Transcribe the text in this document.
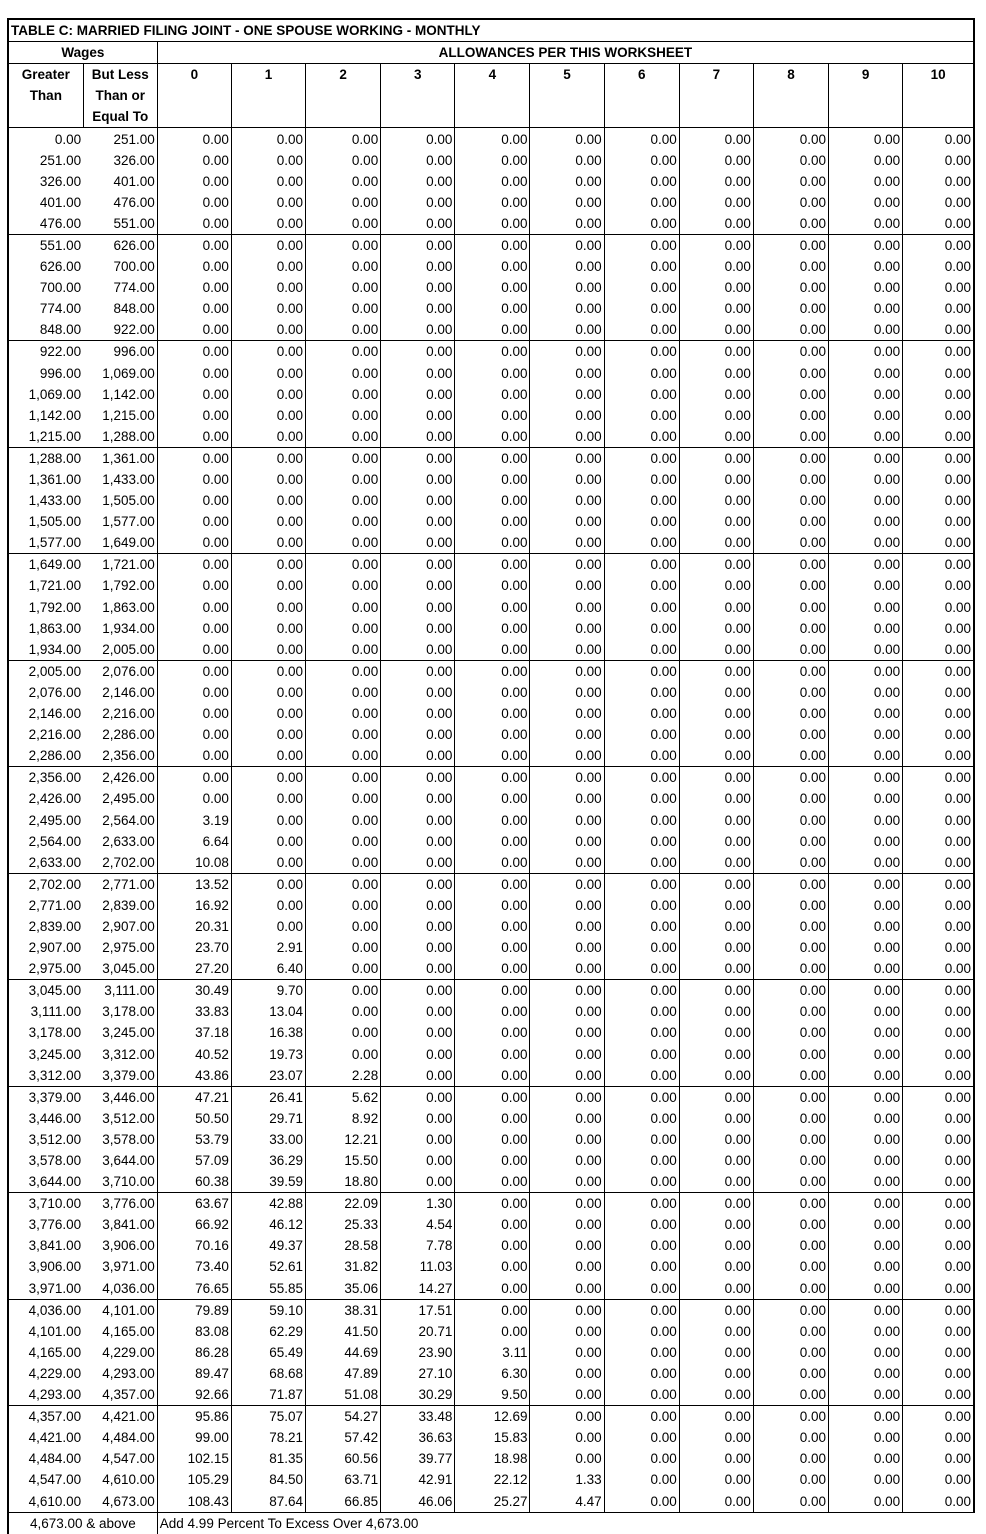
TABLE C: MARRIED FILING JOINT - ONE SPOUSE WORKING - MONTHLY												
Wages		ALLOWANCES PER THIS WORKSHEET										
Greater	But Less	0	1	2	3	4	5	6	7	8	9	10
Than	Than or											
	Equal To											
0.00	251.00	0.00	0.00	0.00	0.00	0.00	0.00	0.00	0.00	0.00	0.00	0.00
251.00	326.00	0.00	0.00	0.00	0.00	0.00	0.00	0.00	0.00	0.00	0.00	0.00
326.00	401.00	0.00	0.00	0.00	0.00	0.00	0.00	0.00	0.00	0.00	0.00	0.00
401.00	476.00	0.00	0.00	0.00	0.00	0.00	0.00	0.00	0.00	0.00	0.00	0.00
476.00	551.00	0.00	0.00	0.00	0.00	0.00	0.00	0.00	0.00	0.00	0.00	0.00
551.00	626.00	0.00	0.00	0.00	0.00	0.00	0.00	0.00	0.00	0.00	0.00	0.00
626.00	700.00	0.00	0.00	0.00	0.00	0.00	0.00	0.00	0.00	0.00	0.00	0.00
700.00	774.00	0.00	0.00	0.00	0.00	0.00	0.00	0.00	0.00	0.00	0.00	0.00
774.00	848.00	0.00	0.00	0.00	0.00	0.00	0.00	0.00	0.00	0.00	0.00	0.00
848.00	922.00	0.00	0.00	0.00	0.00	0.00	0.00	0.00	0.00	0.00	0.00	0.00
922.00	996.00	0.00	0.00	0.00	0.00	0.00	0.00	0.00	0.00	0.00	0.00	0.00
996.00	1,069.00	0.00	0.00	0.00	0.00	0.00	0.00	0.00	0.00	0.00	0.00	0.00
1,069.00	1,142.00	0.00	0.00	0.00	0.00	0.00	0.00	0.00	0.00	0.00	0.00	0.00
1,142.00	1,215.00	0.00	0.00	0.00	0.00	0.00	0.00	0.00	0.00	0.00	0.00	0.00
1,215.00	1,288.00	0.00	0.00	0.00	0.00	0.00	0.00	0.00	0.00	0.00	0.00	0.00
1,288.00	1,361.00	0.00	0.00	0.00	0.00	0.00	0.00	0.00	0.00	0.00	0.00	0.00
1,361.00	1,433.00	0.00	0.00	0.00	0.00	0.00	0.00	0.00	0.00	0.00	0.00	0.00
1,433.00	1,505.00	0.00	0.00	0.00	0.00	0.00	0.00	0.00	0.00	0.00	0.00	0.00
1,505.00	1,577.00	0.00	0.00	0.00	0.00	0.00	0.00	0.00	0.00	0.00	0.00	0.00
1,577.00	1,649.00	0.00	0.00	0.00	0.00	0.00	0.00	0.00	0.00	0.00	0.00	0.00
1,649.00	1,721.00	0.00	0.00	0.00	0.00	0.00	0.00	0.00	0.00	0.00	0.00	0.00
1,721.00	1,792.00	0.00	0.00	0.00	0.00	0.00	0.00	0.00	0.00	0.00	0.00	0.00
1,792.00	1,863.00	0.00	0.00	0.00	0.00	0.00	0.00	0.00	0.00	0.00	0.00	0.00
1,863.00	1,934.00	0.00	0.00	0.00	0.00	0.00	0.00	0.00	0.00	0.00	0.00	0.00
1,934.00	2,005.00	0.00	0.00	0.00	0.00	0.00	0.00	0.00	0.00	0.00	0.00	0.00
2,005.00	2,076.00	0.00	0.00	0.00	0.00	0.00	0.00	0.00	0.00	0.00	0.00	0.00
2,076.00	2,146.00	0.00	0.00	0.00	0.00	0.00	0.00	0.00	0.00	0.00	0.00	0.00
2,146.00	2,216.00	0.00	0.00	0.00	0.00	0.00	0.00	0.00	0.00	0.00	0.00	0.00
2,216.00	2,286.00	0.00	0.00	0.00	0.00	0.00	0.00	0.00	0.00	0.00	0.00	0.00
2,286.00	2,356.00	0.00	0.00	0.00	0.00	0.00	0.00	0.00	0.00	0.00	0.00	0.00
2,356.00	2,426.00	0.00	0.00	0.00	0.00	0.00	0.00	0.00	0.00	0.00	0.00	0.00
2,426.00	2,495.00	0.00	0.00	0.00	0.00	0.00	0.00	0.00	0.00	0.00	0.00	0.00
2,495.00	2,564.00	3.19	0.00	0.00	0.00	0.00	0.00	0.00	0.00	0.00	0.00	0.00
2,564.00	2,633.00	6.64	0.00	0.00	0.00	0.00	0.00	0.00	0.00	0.00	0.00	0.00
2,633.00	2,702.00	10.08	0.00	0.00	0.00	0.00	0.00	0.00	0.00	0.00	0.00	0.00
2,702.00	2,771.00	13.52	0.00	0.00	0.00	0.00	0.00	0.00	0.00	0.00	0.00	0.00
2,771.00	2,839.00	16.92	0.00	0.00	0.00	0.00	0.00	0.00	0.00	0.00	0.00	0.00
2,839.00	2,907.00	20.31	0.00	0.00	0.00	0.00	0.00	0.00	0.00	0.00	0.00	0.00
2,907.00	2,975.00	23.70	2.91	0.00	0.00	0.00	0.00	0.00	0.00	0.00	0.00	0.00
2,975.00	3,045.00	27.20	6.40	0.00	0.00	0.00	0.00	0.00	0.00	0.00	0.00	0.00
3,045.00	3,111.00	30.49	9.70	0.00	0.00	0.00	0.00	0.00	0.00	0.00	0.00	0.00
3,111.00	3,178.00	33.83	13.04	0.00	0.00	0.00	0.00	0.00	0.00	0.00	0.00	0.00
3,178.00	3,245.00	37.18	16.38	0.00	0.00	0.00	0.00	0.00	0.00	0.00	0.00	0.00
3,245.00	3,312.00	40.52	19.73	0.00	0.00	0.00	0.00	0.00	0.00	0.00	0.00	0.00
3,312.00	3,379.00	43.86	23.07	2.28	0.00	0.00	0.00	0.00	0.00	0.00	0.00	0.00
3,379.00	3,446.00	47.21	26.41	5.62	0.00	0.00	0.00	0.00	0.00	0.00	0.00	0.00
3,446.00	3,512.00	50.50	29.71	8.92	0.00	0.00	0.00	0.00	0.00	0.00	0.00	0.00
3,512.00	3,578.00	53.79	33.00	12.21	0.00	0.00	0.00	0.00	0.00	0.00	0.00	0.00
3,578.00	3,644.00	57.09	36.29	15.50	0.00	0.00	0.00	0.00	0.00	0.00	0.00	0.00
3,644.00	3,710.00	60.38	39.59	18.80	0.00	0.00	0.00	0.00	0.00	0.00	0.00	0.00
3,710.00	3,776.00	63.67	42.88	22.09	1.30	0.00	0.00	0.00	0.00	0.00	0.00	0.00
3,776.00	3,841.00	66.92	46.12	25.33	4.54	0.00	0.00	0.00	0.00	0.00	0.00	0.00
3,841.00	3,906.00	70.16	49.37	28.58	7.78	0.00	0.00	0.00	0.00	0.00	0.00	0.00
3,906.00	3,971.00	73.40	52.61	31.82	11.03	0.00	0.00	0.00	0.00	0.00	0.00	0.00
3,971.00	4,036.00	76.65	55.85	35.06	14.27	0.00	0.00	0.00	0.00	0.00	0.00	0.00
4,036.00	4,101.00	79.89	59.10	38.31	17.51	0.00	0.00	0.00	0.00	0.00	0.00	0.00
4,101.00	4,165.00	83.08	62.29	41.50	20.71	0.00	0.00	0.00	0.00	0.00	0.00	0.00
4,165.00	4,229.00	86.28	65.49	44.69	23.90	3.11	0.00	0.00	0.00	0.00	0.00	0.00
4,229.00	4,293.00	89.47	68.68	47.89	27.10	6.30	0.00	0.00	0.00	0.00	0.00	0.00
4,293.00	4,357.00	92.66	71.87	51.08	30.29	9.50	0.00	0.00	0.00	0.00	0.00	0.00
4,357.00	4,421.00	95.86	75.07	54.27	33.48	12.69	0.00	0.00	0.00	0.00	0.00	0.00
4,421.00	4,484.00	99.00	78.21	57.42	36.63	15.83	0.00	0.00	0.00	0.00	0.00	0.00
4,484.00	4,547.00	102.15	81.35	60.56	39.77	18.98	0.00	0.00	0.00	0.00	0.00	0.00
4,547.00	4,610.00	105.29	84.50	63.71	42.91	22.12	1.33	0.00	0.00	0.00	0.00	0.00
4,610.00	4,673.00	108.43	87.64	66.85	46.06	25.27	4.47	0.00	0.00	0.00	0.00	0.00
4,673.00 & above		Add 4.99 Percent To Excess Over 4,673.00										
